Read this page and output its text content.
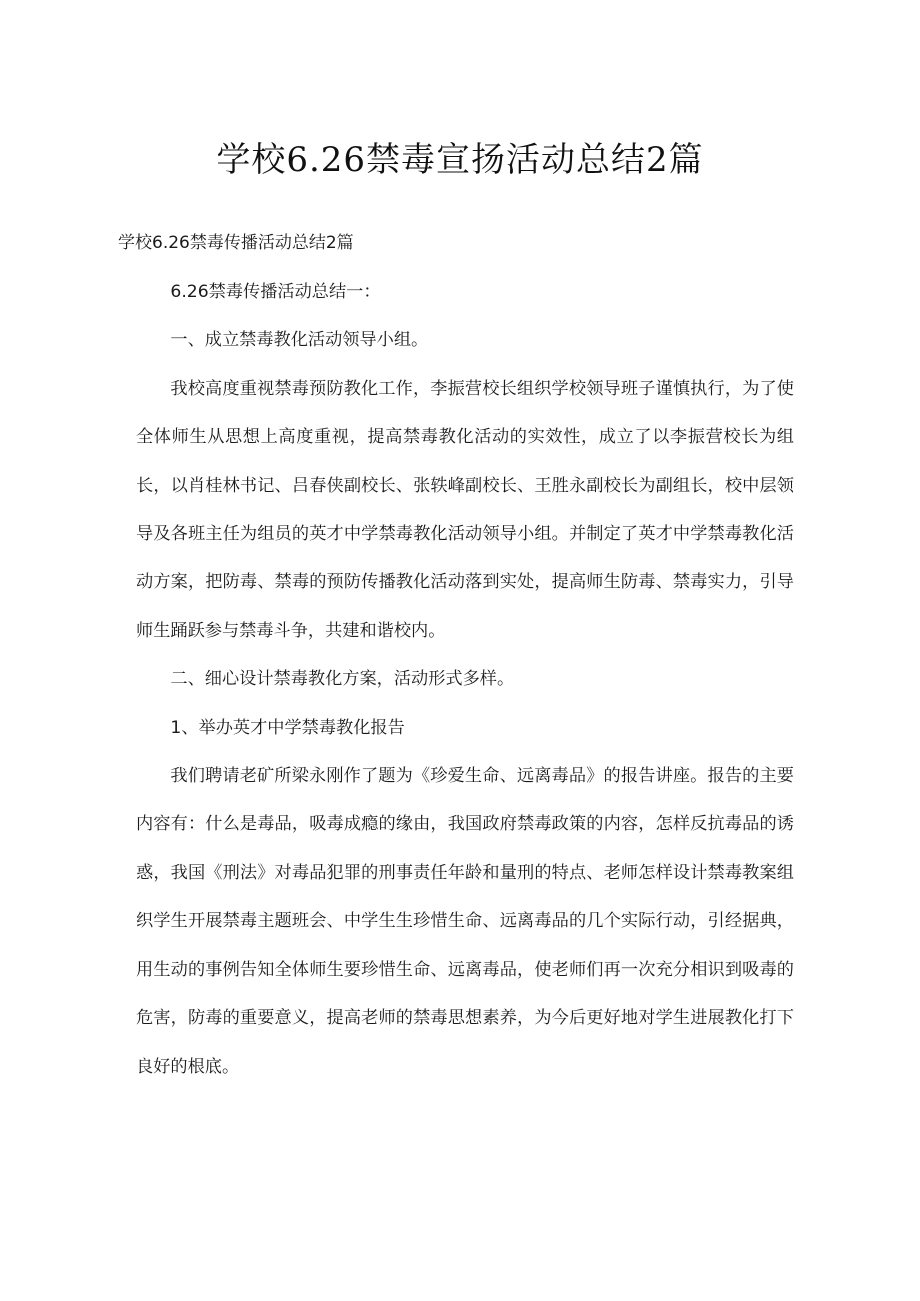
学校6.26禁毒宣扬活动总结2篇
学校6.26禁毒传播活动总结2篇

6.26禁毒传播活动总结一：

一、成立禁毒教化活动领导小组。

我校高度重视禁毒预防教化工作，李振营校长组织学校领导班子谨慎执行，为了使全体师生从思想上高度重视，提高禁毒教化活动的实效性，成立了以李振营校长为组长，以肖桂林书记、吕春侠副校长、张轶峰副校长、王胜永副校长为副组长，校中层领导及各班主任为组员的英才中学禁毒教化活动领导小组。并制定了英才中学禁毒教化活动方案，把防毒、禁毒的预防传播教化活动落到实处，提高师生防毒、禁毒实力，引导师生踊跃参与禁毒斗争，共建和谐校内。

二、细心设计禁毒教化方案，活动形式多样。

1、举办英才中学禁毒教化报告

我们聘请老矿所梁永刚作了题为《珍爱生命、远离毒品》的报告讲座。报告的主要内容有：什么是毒品，吸毒成瘾的缘由，我国政府禁毒政策的内容，怎样反抗毒品的诱惑，我国《刑法》对毒品犯罪的刑事责任年龄和量刑的特点、老师怎样设计禁毒教案组织学生开展禁毒主题班会、中学生生珍惜生命、远离毒品的几个实际行动，引经据典，用生动的事例告知全体师生要珍惜生命、远离毒品，使老师们再一次充分相识到吸毒的危害，防毒的重要意义，提高老师的禁毒思想素养，为今后更好地对学生进展教化打下良好的根底。
